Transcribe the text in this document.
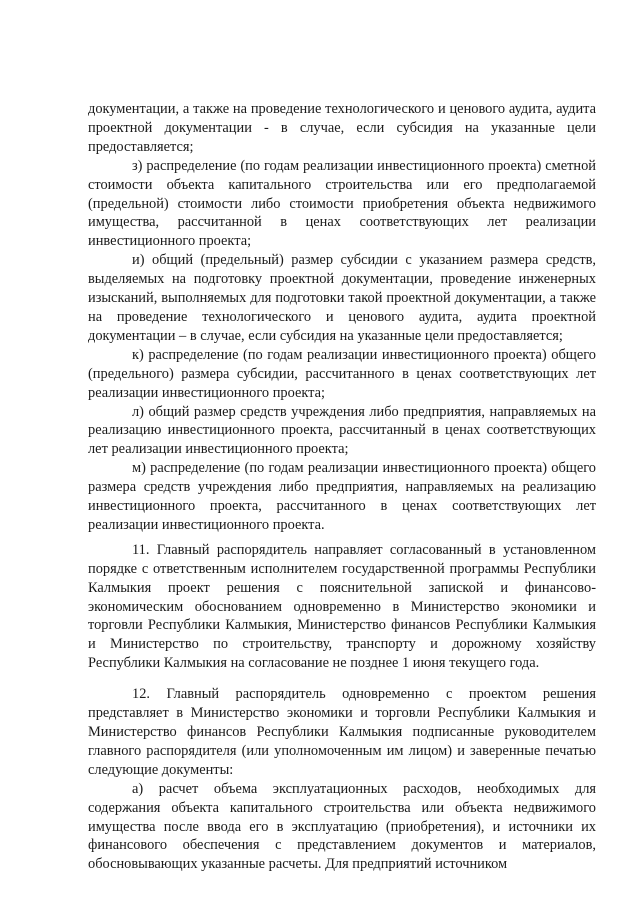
документации, а также на проведение технологического и ценового аудита, аудита проектной документации - в случае, если субсидия на указанные цели предоставляется;

з) распределение (по годам реализации инвестиционного проекта) сметной стоимости объекта капитального строительства или его предполагаемой (предельной) стоимости либо стоимости приобретения объекта недвижимого имущества, рассчитанной в ценах соответствующих лет реализации инвестиционного проекта;

и) общий (предельный) размер субсидии с указанием размера средств, выделяемых на подготовку проектной документации, проведение инженерных изысканий, выполняемых для подготовки такой проектной документации, а также на проведение технологического и ценового аудита, аудита проектной документации – в случае, если субсидия на указанные цели предоставляется;

к) распределение (по годам реализации инвестиционного проекта) общего (предельного) размера субсидии, рассчитанного в ценах соответствующих лет реализации инвестиционного проекта;

л) общий размер средств учреждения либо предприятия, направляемых на реализацию инвестиционного проекта, рассчитанный в ценах соответствующих лет реализации инвестиционного проекта;

м) распределение (по годам реализации инвестиционного проекта) общего размера средств учреждения либо предприятия, направляемых на реализацию инвестиционного проекта, рассчитанного в ценах соответствующих лет реализации инвестиционного проекта.

11. Главный распорядитель направляет согласованный в установленном порядке с ответственным исполнителем государственной программы Республики Калмыкия проект решения с пояснительной запиской и финансово-экономическим обоснованием одновременно в Министерство экономики и торговли Республики Калмыкия, Министерство финансов Республики Калмыкия и Министерство по строительству, транспорту и дорожному хозяйству Республики Калмыкия на согласование не позднее 1 июня текущего года.

12. Главный распорядитель одновременно с проектом решения представляет в Министерство экономики и торговли Республики Калмыкия и Министерство финансов Республики Калмыкия подписанные руководителем главного распорядителя (или уполномоченным им лицом) и заверенные печатью следующие документы:

а) расчет объема эксплуатационных расходов, необходимых для содержания объекта капитального строительства или объекта недвижимого имущества после ввода его в эксплуатацию (приобретения), и источники их финансового обеспечения с представлением документов и материалов, обосновывающих указанные расчеты. Для предприятий источником
